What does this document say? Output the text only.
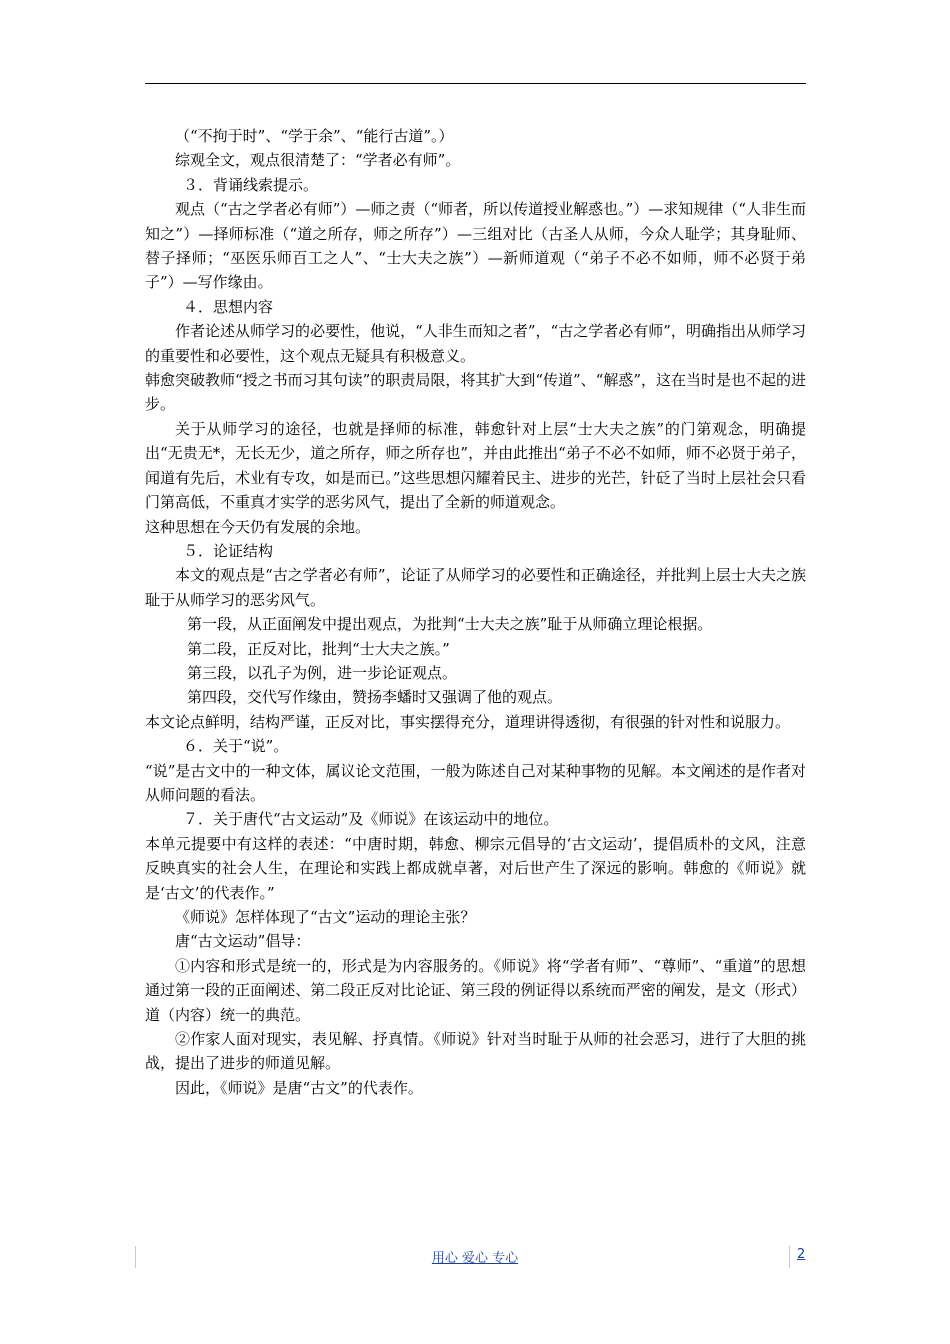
（“不拘于时”、“学于余”、“能行古道”。）

综观全文，观点很清楚了：“学者必有师”。

３．背诵线索提示。

观点（“古之学者必有师”）—师之责（“师者，所以传道授业解惑也。”）—求知规律（“人非生而知之”）—择师标准（“道之所存，师之所存”）—三组对比（古圣人从师，今众人耻学；其身耻师、替子择师；“巫医乐师百工之人”、“士大夫之族”）—新师道观（“弟子不必不如师，师不必贤于弟子”）—写作缘由。

４．思想内容

作者论述从师学习的必要性，他说，“人非生而知之者”，“古之学者必有师”，明确指出从师学习的重要性和必要性，这个观点无疑具有积极意义。

韩愈突破教师“授之书而习其句读”的职责局限，将其扩大到“传道”、“解惑”，这在当时是也不起的进步。

关于从师学习的途径，也就是择师的标准，韩愈针对上层“士大夫之族”的门第观念，明确提出“无贵无*，无长无少，道之所存，师之所存也”，并由此推出“弟子不必不如师，师不必贤于弟子，闻道有先后，术业有专攻，如是而已。”这些思想闪耀着民主、进步的光芒，针砭了当时上层社会只看门第高低，不重真才实学的恶劣风气，提出了全新的师道观念。

这种思想在今天仍有发展的余地。

５．论证结构

本文的观点是“古之学者必有师”，论证了从师学习的必要性和正确途径，并批判上层士大夫之族耻于从师学习的恶劣风气。

第一段，从正面阐发中提出观点，为批判“士大夫之族”耻于从师确立理论根据。

第二段，正反对比，批判“士大夫之族。”

第三段，以孔子为例，进一步论证观点。

第四段，交代写作缘由，赞扬李蟠时又强调了他的观点。

本文论点鲜明，结构严谨，正反对比，事实摆得充分，道理讲得透彻，有很强的针对性和说服力。

６．关于“说”。

“说”是古文中的一种文体，属议论文范围，一般为陈述自己对某种事物的见解。本文阐述的是作者对从师问题的看法。

７．关于唐代“古文运动”及《师说》在该运动中的地位。

本单元提要中有这样的表述：“中唐时期，韩愈、柳宗元倡导的‘古文运动’，提倡质朴的文风，注意反映真实的社会人生，在理论和实践上都成就卓著，对后世产生了深远的影响。韩愈的《师说》就是‘古文’的代表作。”

《师说》怎样体现了“古文”运动的理论主张？

唐“古文运动”倡导：

①内容和形式是统一的，形式是为内容服务的。《师说》将“学者有师”、“尊师”、“重道”的思想通过第一段的正面阐述、第二段正反对比论证、第三段的例证得以系统而严密的阐发，是文（形式）道（内容）统一的典范。

②作家人面对现实，表见解、抒真情。《师说》针对当时耻于从师的社会恶习，进行了大胆的挑战，提出了进步的师道见解。

因此，《师说》是唐“古文”的代表作。

用心 爱心 专心	2
